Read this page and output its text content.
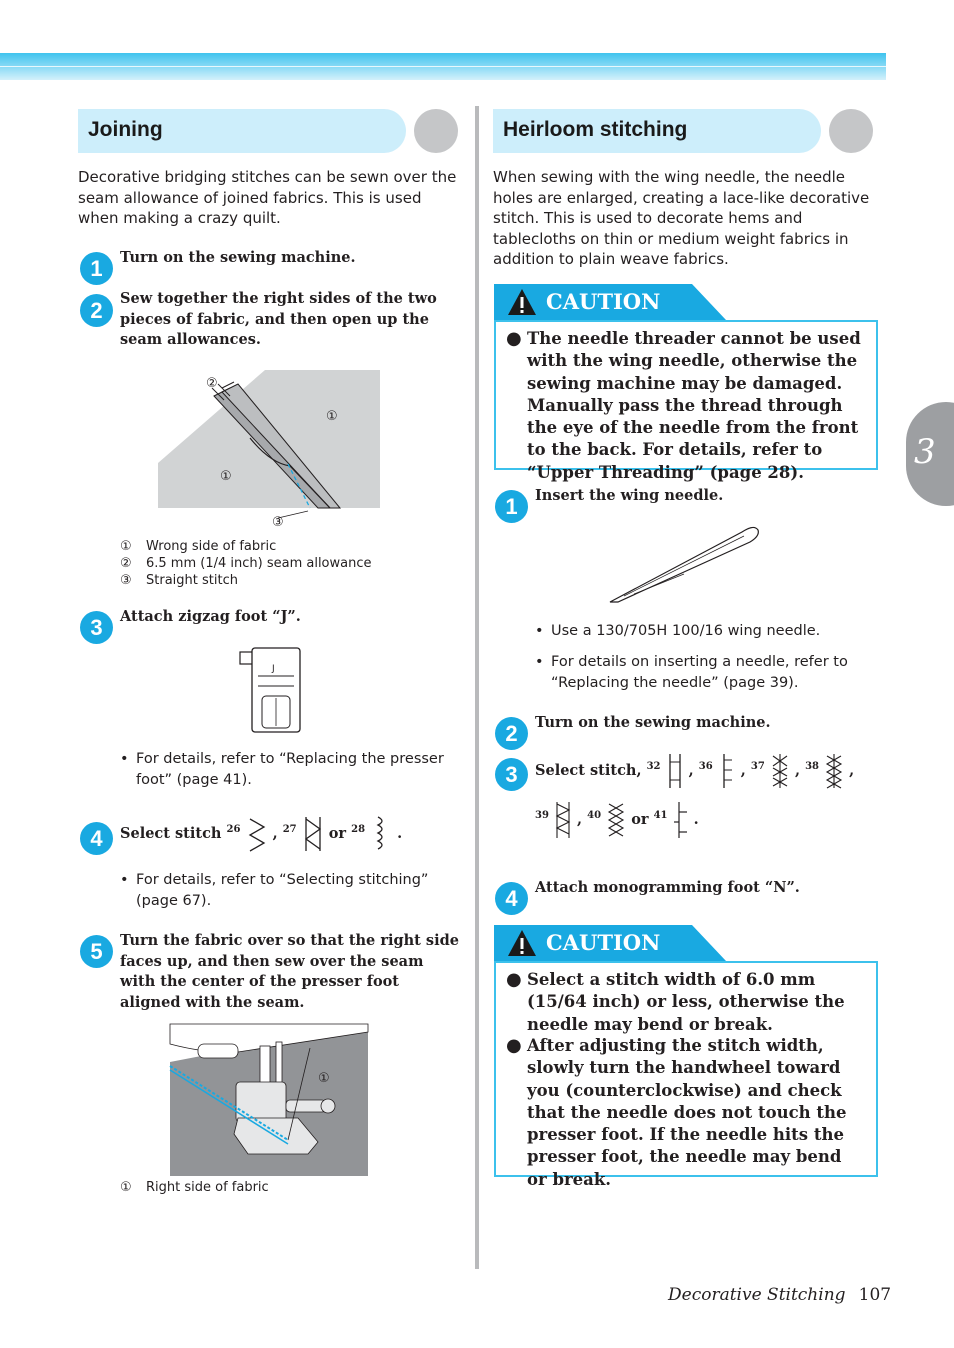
3
Joining
Decorative bridging stitches can be sewn over the seam allowance of joined fabrics. This is used when making a crazy quilt.
1	Turn on the sewing machine.
2	Sew together the right sides of the two pieces of fabric, and then open up the seam allowances.
②
①
①
③
① Wrong side of fabric
② 6.5 mm (1/4 inch) seam allowance
③ Straight stitch
3	Attach zigzag foot “J”.
J
• For details, refer to “Replacing the presser foot” (page 41).
4	Select stitch $^{26}$ , $^{27}$ or $^{28}$ .
• For details, refer to “Selecting stitching” (page 67).
5	Turn the fabric over so that the right side faces up, and then sew over the seam with the center of the presser foot aligned with the seam.
①
① Right side of fabric
Heirloom stitching
When sewing with the wing needle, the needle holes are enlarged, creating a lace-like decorative stitch. This is used to decorate hems and tablecloths on thin or medium weight fabrics in addition to plain weave fabrics.
CAUTION
● The needle threader cannot be used with the wing needle, otherwise the sewing machine may be damaged. Manually pass the thread through the eye of the needle from the front to the back. For details, refer to “Upper Threading” (page 28).
1	Insert the wing needle.
• Use a 130/705H 100/16 wing needle.
• For details on inserting a needle, refer to “Replacing the needle” (page 39).
2	Turn on the sewing machine.
3	Select stitch, $^{32}$ , $^{36}$ , $^{37}$ , $^{38}$ ,
$^{39}$ , $^{40}$ or $^{41}$ .
4	Attach monogramming foot “N”.
CAUTION
● Select a stitch width of 6.0 mm (15/64 inch) or less, otherwise the needle may bend or break.
● After adjusting the stitch width, slowly turn the handwheel toward you (counterclockwise) and check that the needle does not touch the presser foot. If the needle hits the presser foot, the needle may bend or break.
Decorative Stitching 107
